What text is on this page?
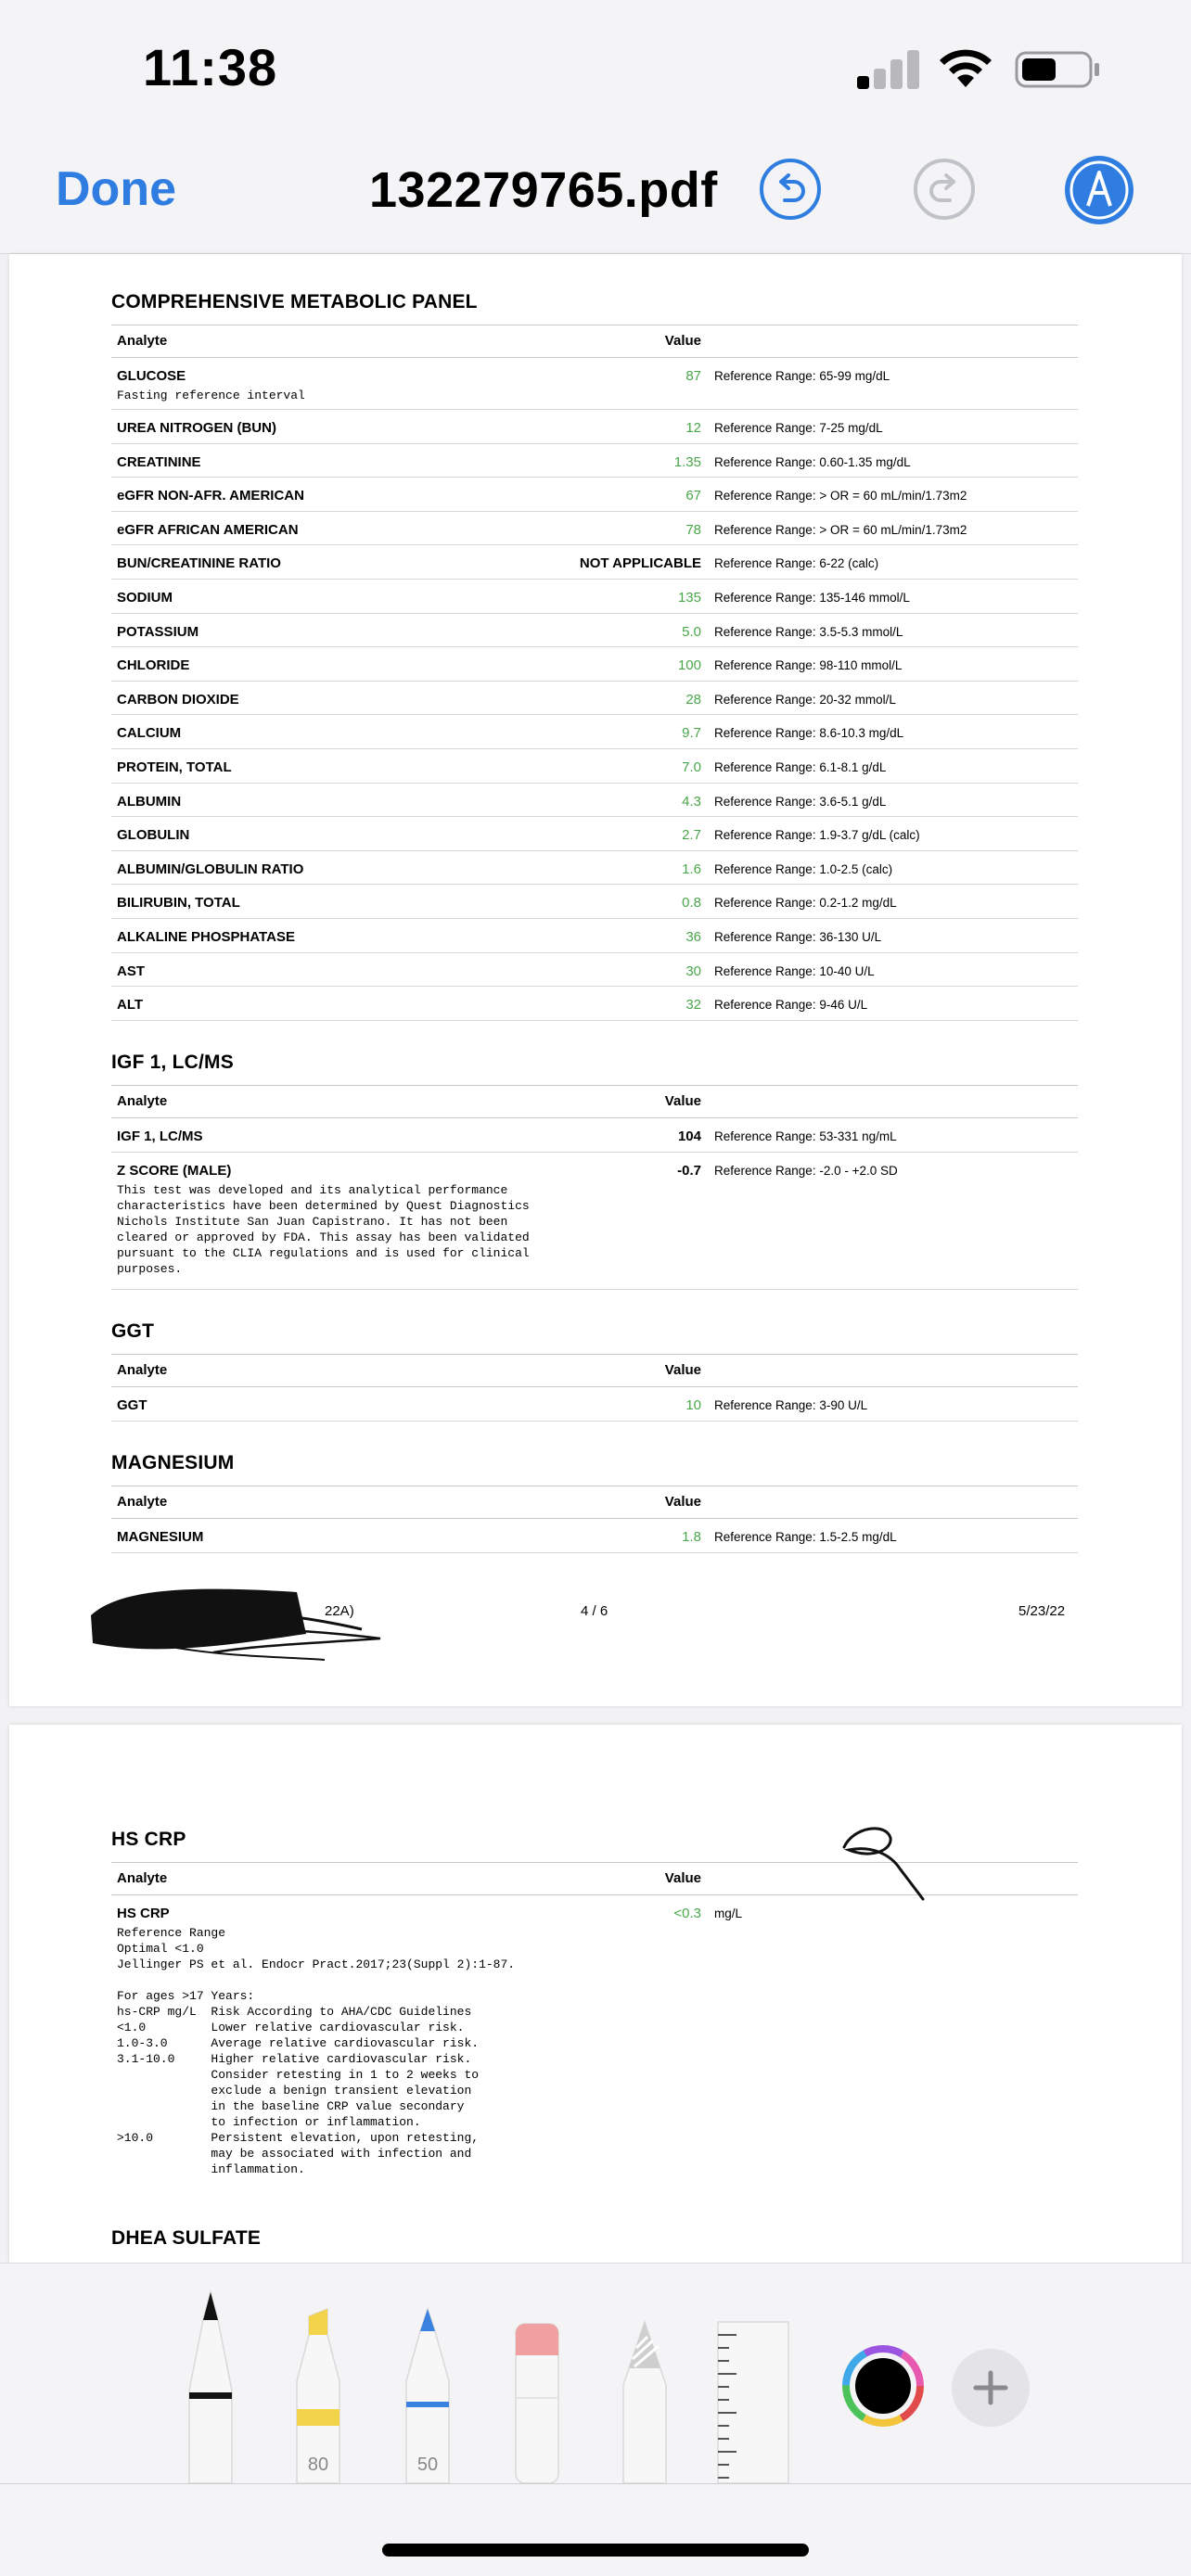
11:38
Done	132279765.pdf
COMPREHENSIVE METABOLIC PANEL
Analyte	Value
GLUCOSE	87 Reference Range: 65-99 mg/dL
Fasting reference interval
UREA NITROGEN (BUN)	12 Reference Range: 7-25 mg/dL
CREATININE	1.35 Reference Range: 0.60-1.35 mg/dL
eGFR NON-AFR. AMERICAN	67 Reference Range: > OR = 60 mL/min/1.73m2
eGFR AFRICAN AMERICAN	78 Reference Range: > OR = 60 mL/min/1.73m2
BUN/CREATININE RATIO	NOT APPLICABLE Reference Range: 6-22 (calc)
SODIUM	135 Reference Range: 135-146 mmol/L
POTASSIUM	5.0 Reference Range: 3.5-5.3 mmol/L
CHLORIDE	100 Reference Range: 98-110 mmol/L
CARBON DIOXIDE	28 Reference Range: 20-32 mmol/L
CALCIUM	9.7 Reference Range: 8.6-10.3 mg/dL
PROTEIN, TOTAL	7.0 Reference Range: 6.1-8.1 g/dL
ALBUMIN	4.3 Reference Range: 3.6-5.1 g/dL
GLOBULIN	2.7 Reference Range: 1.9-3.7 g/dL (calc)
ALBUMIN/GLOBULIN RATIO	1.6 Reference Range: 1.0-2.5 (calc)
BILIRUBIN, TOTAL	0.8 Reference Range: 0.2-1.2 mg/dL
ALKALINE PHOSPHATASE	36 Reference Range: 36-130 U/L
AST	30 Reference Range: 10-40 U/L
ALT	32 Reference Range: 9-46 U/L
IGF 1, LC/MS
Analyte	Value
IGF 1, LC/MS	104 Reference Range: 53-331 ng/mL
Z SCORE (MALE)	-0.7 Reference Range: -2.0 - +2.0 SD
This test was developed and its analytical performance
characteristics have been determined by Quest Diagnostics
Nichols Institute San Juan Capistrano. It has not been
cleared or approved by FDA. This assay has been validated
pursuant to the CLIA regulations and is used for clinical
purposes.
GGT
Analyte	Value
GGT	10 Reference Range: 3-90 U/L
MAGNESIUM
Analyte	Value
MAGNESIUM	1.8 Reference Range: 1.5-2.5 mg/dL
22A)	4 / 6	5/23/22
HS CRP
Analyte	Value
HS CRP	<0.3 mg/L
Reference Range
Optimal <1.0
Jellinger PS et al. Endocr Pract.2017;23(Suppl 2):1-87.

For ages >17 Years:
hs-CRP mg/L  Risk According to AHA/CDC Guidelines
<1.0         Lower relative cardiovascular risk.
1.0-3.0      Average relative cardiovascular risk.
3.1-10.0     Higher relative cardiovascular risk.
Consider retesting in 1 to 2 weeks to
exclude a benign transient elevation
in the baseline CRP value secondary
to infection or inflammation.
>10.0        Persistent elevation, upon retesting,
may be associated with infection and
inflammation.
DHEA SULFATE
80	50
